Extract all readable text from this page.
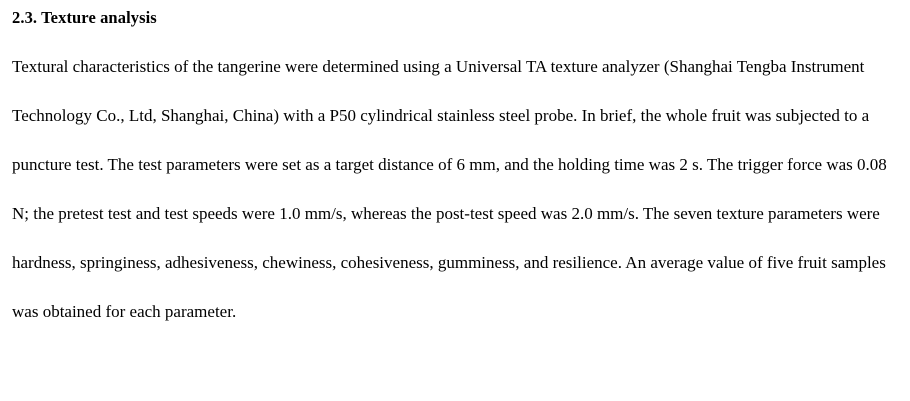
2.3. Texture analysis

Textural characteristics of the tangerine were determined using a Universal TA texture analyzer (Shanghai Tengba Instrument Technology Co., Ltd, Shanghai, China) with a P50 cylindrical stainless steel probe. In brief, the whole fruit was subjected to a puncture test. The test parameters were set as a target distance of 6 mm, and the holding time was 2 s. The trigger force was 0.08 N; the pretest test and test speeds were 1.0 mm/s, whereas the post-test speed was 2.0 mm/s. The seven texture parameters were hardness, springiness, adhesiveness, chewiness, cohesiveness, gumminess, and resilience. An average value of five fruit samples was obtained for each parameter.
